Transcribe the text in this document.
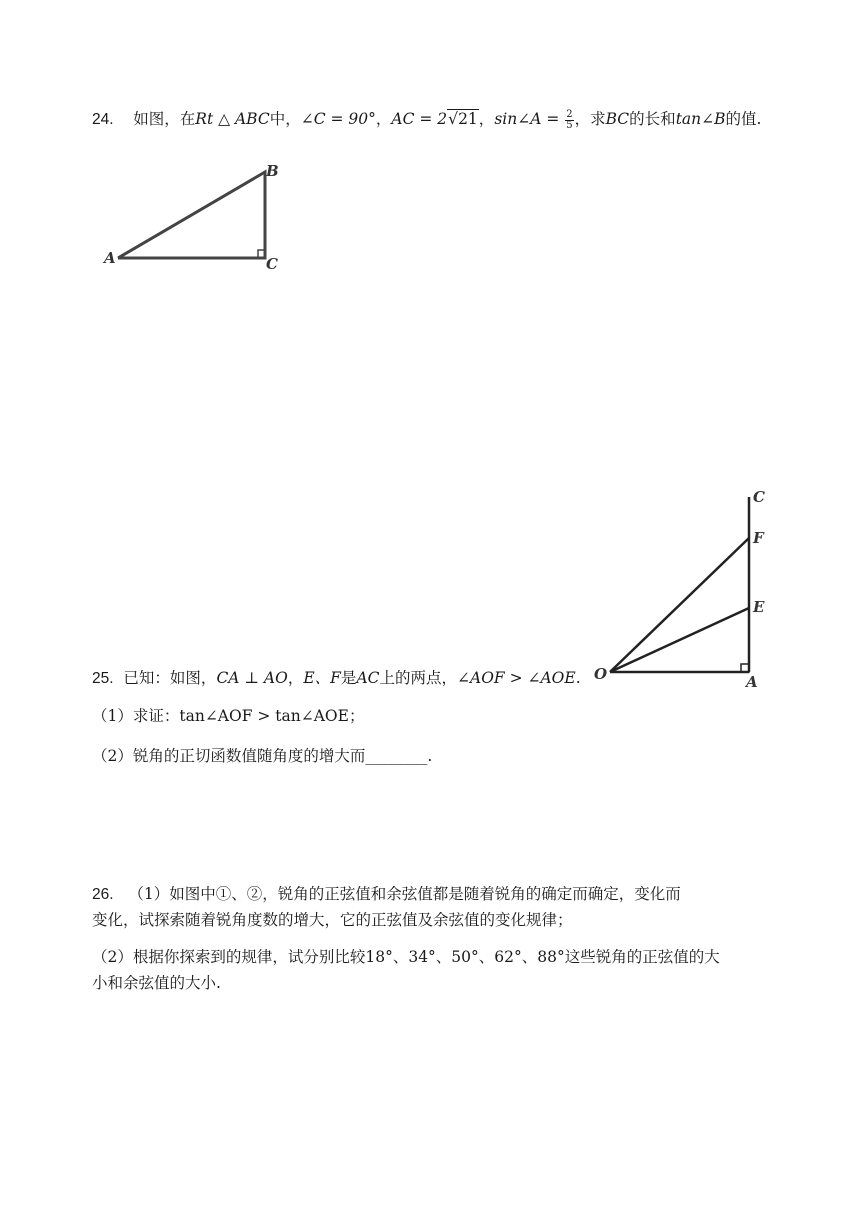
24. 如图，在Rt △ ABC中，∠C = 90°，AC = 2√21，sin∠A = $\frac{2}{5}$ ，求BC的长和tan∠B的值.
A
B
C
C
F
E
O	A
25. 已知：如图，CA ⊥ AO，E、F是AC上的两点，∠AOF > ∠AOE.
（1）求证：tan∠AOF > tan∠AOE；
（2）锐角的正切函数值随角度的增大而________.
26. （1）如图中①、②，锐角的正弦值和余弦值都是随着锐角的确定而确定，变化而
变化，试探索随着锐角度数的增大，它的正弦值及余弦值的变化规律；
（2）根据你探索到的规律，试分别比较18°、34°、50°、62°、88°这些锐角的正弦值的大
小和余弦值的大小.
